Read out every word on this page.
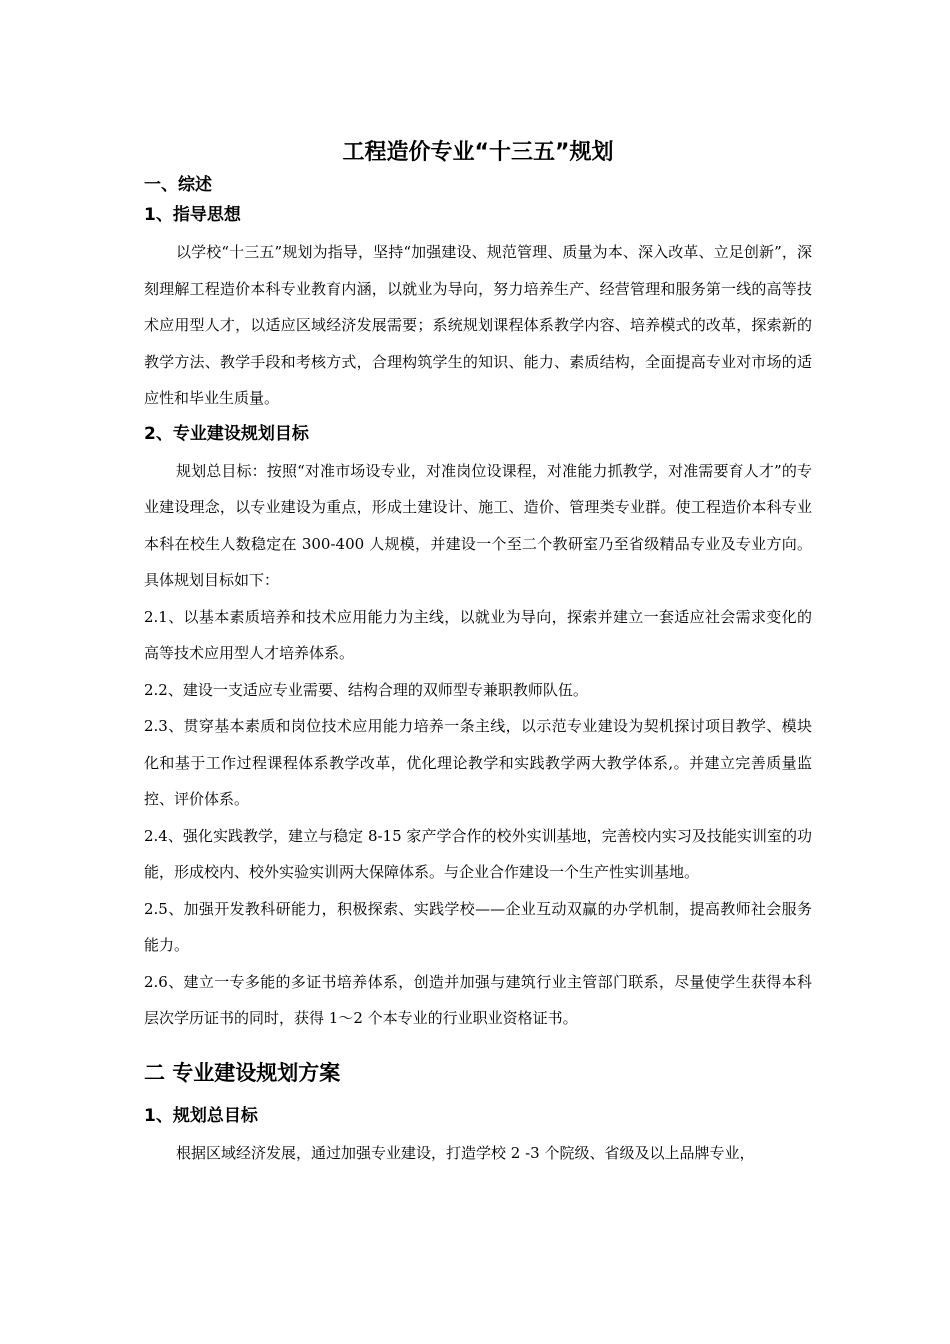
工程造价专业“十三五”规划
一、综述
1、指导思想

以学校“十三五”规划为指导，坚持“加强建设、规范管理、质量为本、深入改革、立足创新”，深刻理解工程造价本科专业教育内涵，以就业为导向，努力培养生产、经营管理和服务第一线的高等技术应用型人才，以适应区域经济发展需要；系统规划课程体系教学内容、培养模式的改革，探索新的教学方法、教学手段和考核方式，合理构筑学生的知识、能力、素质结构，全面提高专业对市场的适应性和毕业生质量。

2、专业建设规划目标

规划总目标：按照“对准市场设专业，对准岗位设课程，对准能力抓教学，对准需要育人才”的专业建设理念，以专业建设为重点，形成土建设计、施工、造价、管理类专业群。使工程造价本科专业本科在校生人数稳定在 300-400 人规模，并建设一个至二个教研室乃至省级精品专业及专业方向。具体规划目标如下：

2.1、以基本素质培养和技术应用能力为主线，以就业为导向，探索并建立一套适应社会需求变化的高等技术应用型人才培养体系。

2.2、建设一支适应专业需要、结构合理的双师型专兼职教师队伍。

2.3、贯穿基本素质和岗位技术应用能力培养一条主线，以示范专业建设为契机探讨项目教学、模块化和基于工作过程课程体系教学改革，优化理论教学和实践教学两大教学体系,。并建立完善质量监控、评价体系。

2.4、强化实践教学，建立与稳定 8-15 家产学合作的校外实训基地，完善校内实习及技能实训室的功能，形成校内、校外实验实训两大保障体系。与企业合作建设一个生产性实训基地。

2.5、加强开发教科研能力，积极探索、实践学校——企业互动双赢的办学机制，提高教师社会服务能力。

2.6、建立一专多能的多证书培养体系，创造并加强与建筑行业主管部门联系，尽量使学生获得本科层次学历证书的同时，获得 1～2 个本专业的行业职业资格证书。

二 专业建设规划方案
1、规划总目标

根据区域经济发展，通过加强专业建设，打造学校 2 -3 个院级、省级及以上品牌专业，
